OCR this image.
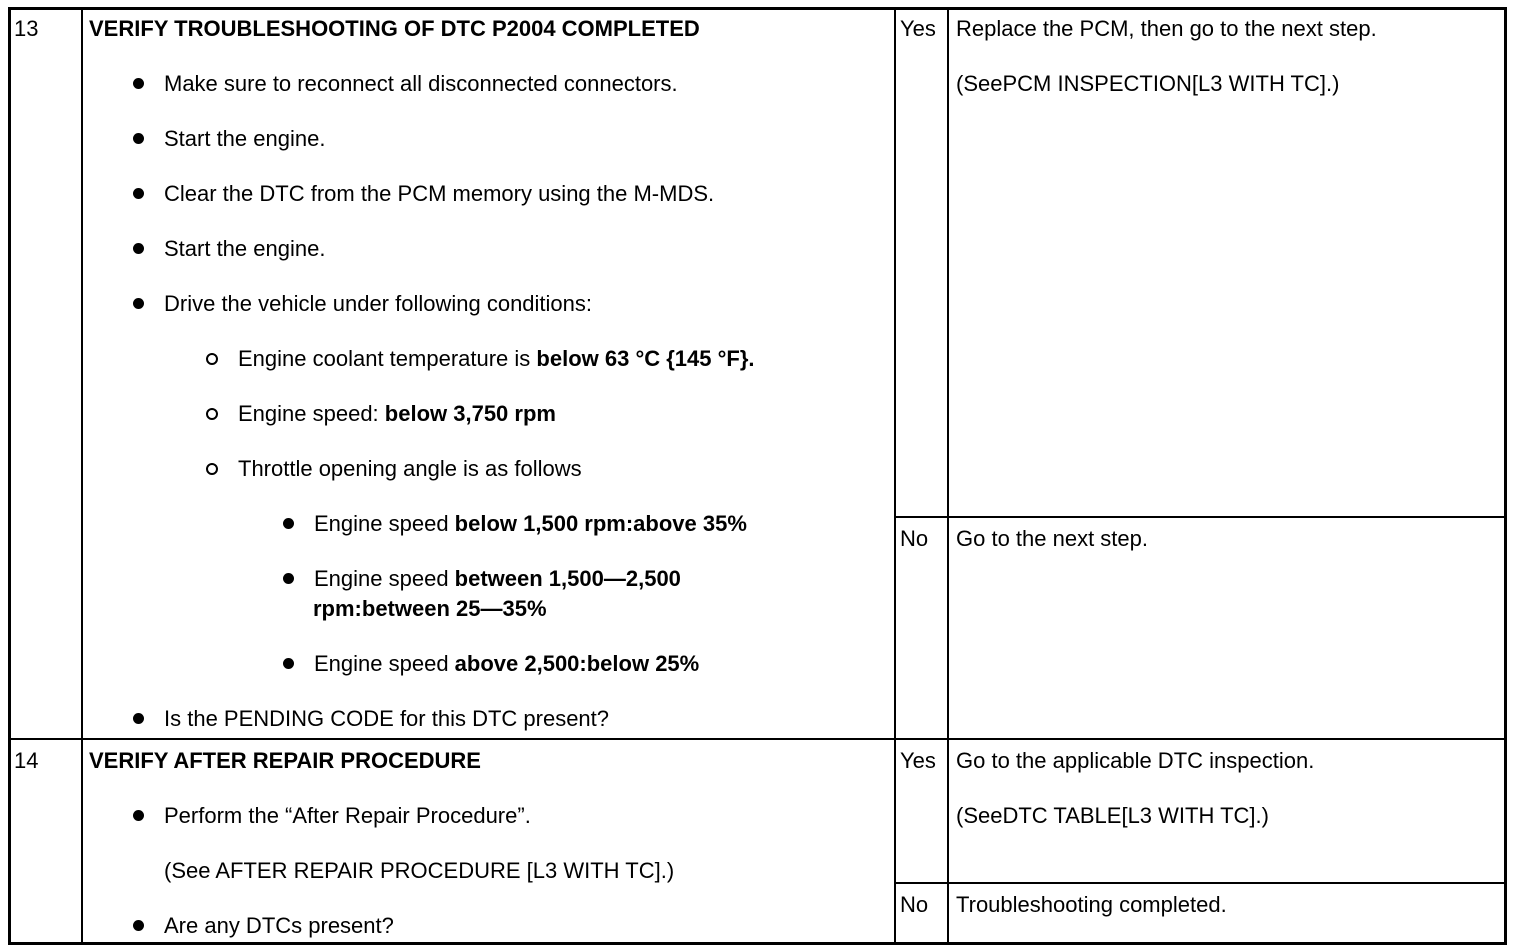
13 VERIFY TROUBLESHOOTING OF DTC P2004 COMPLETED
Make sure to reconnect all disconnected connectors.
Start the engine.
Clear the DTC from the PCM memory using the M-MDS.
Start the engine.
Drive the vehicle under following conditions:
Engine coolant temperature is below 63 °C {145 °F}.
Engine speed: below 3,750 rpm
Throttle opening angle is as follows
Engine speed below 1,500 rpm:above 35%
Engine speed between 1,500—2,500
rpm:between 25—35%
Engine speed above 2,500:below 25%
Is the PENDING CODE for this DTC present?
Yes Replace the PCM, then go to the next step.
(SeePCM INSPECTION[L3 WITH TC].)
No Go to the next step.
14 VERIFY AFTER REPAIR PROCEDURE
Perform the “After Repair Procedure”.
(See AFTER REPAIR PROCEDURE [L3 WITH TC].)
Are any DTCs present?
Yes Go to the applicable DTC inspection.
(SeeDTC TABLE[L3 WITH TC].)
No Troubleshooting completed.
